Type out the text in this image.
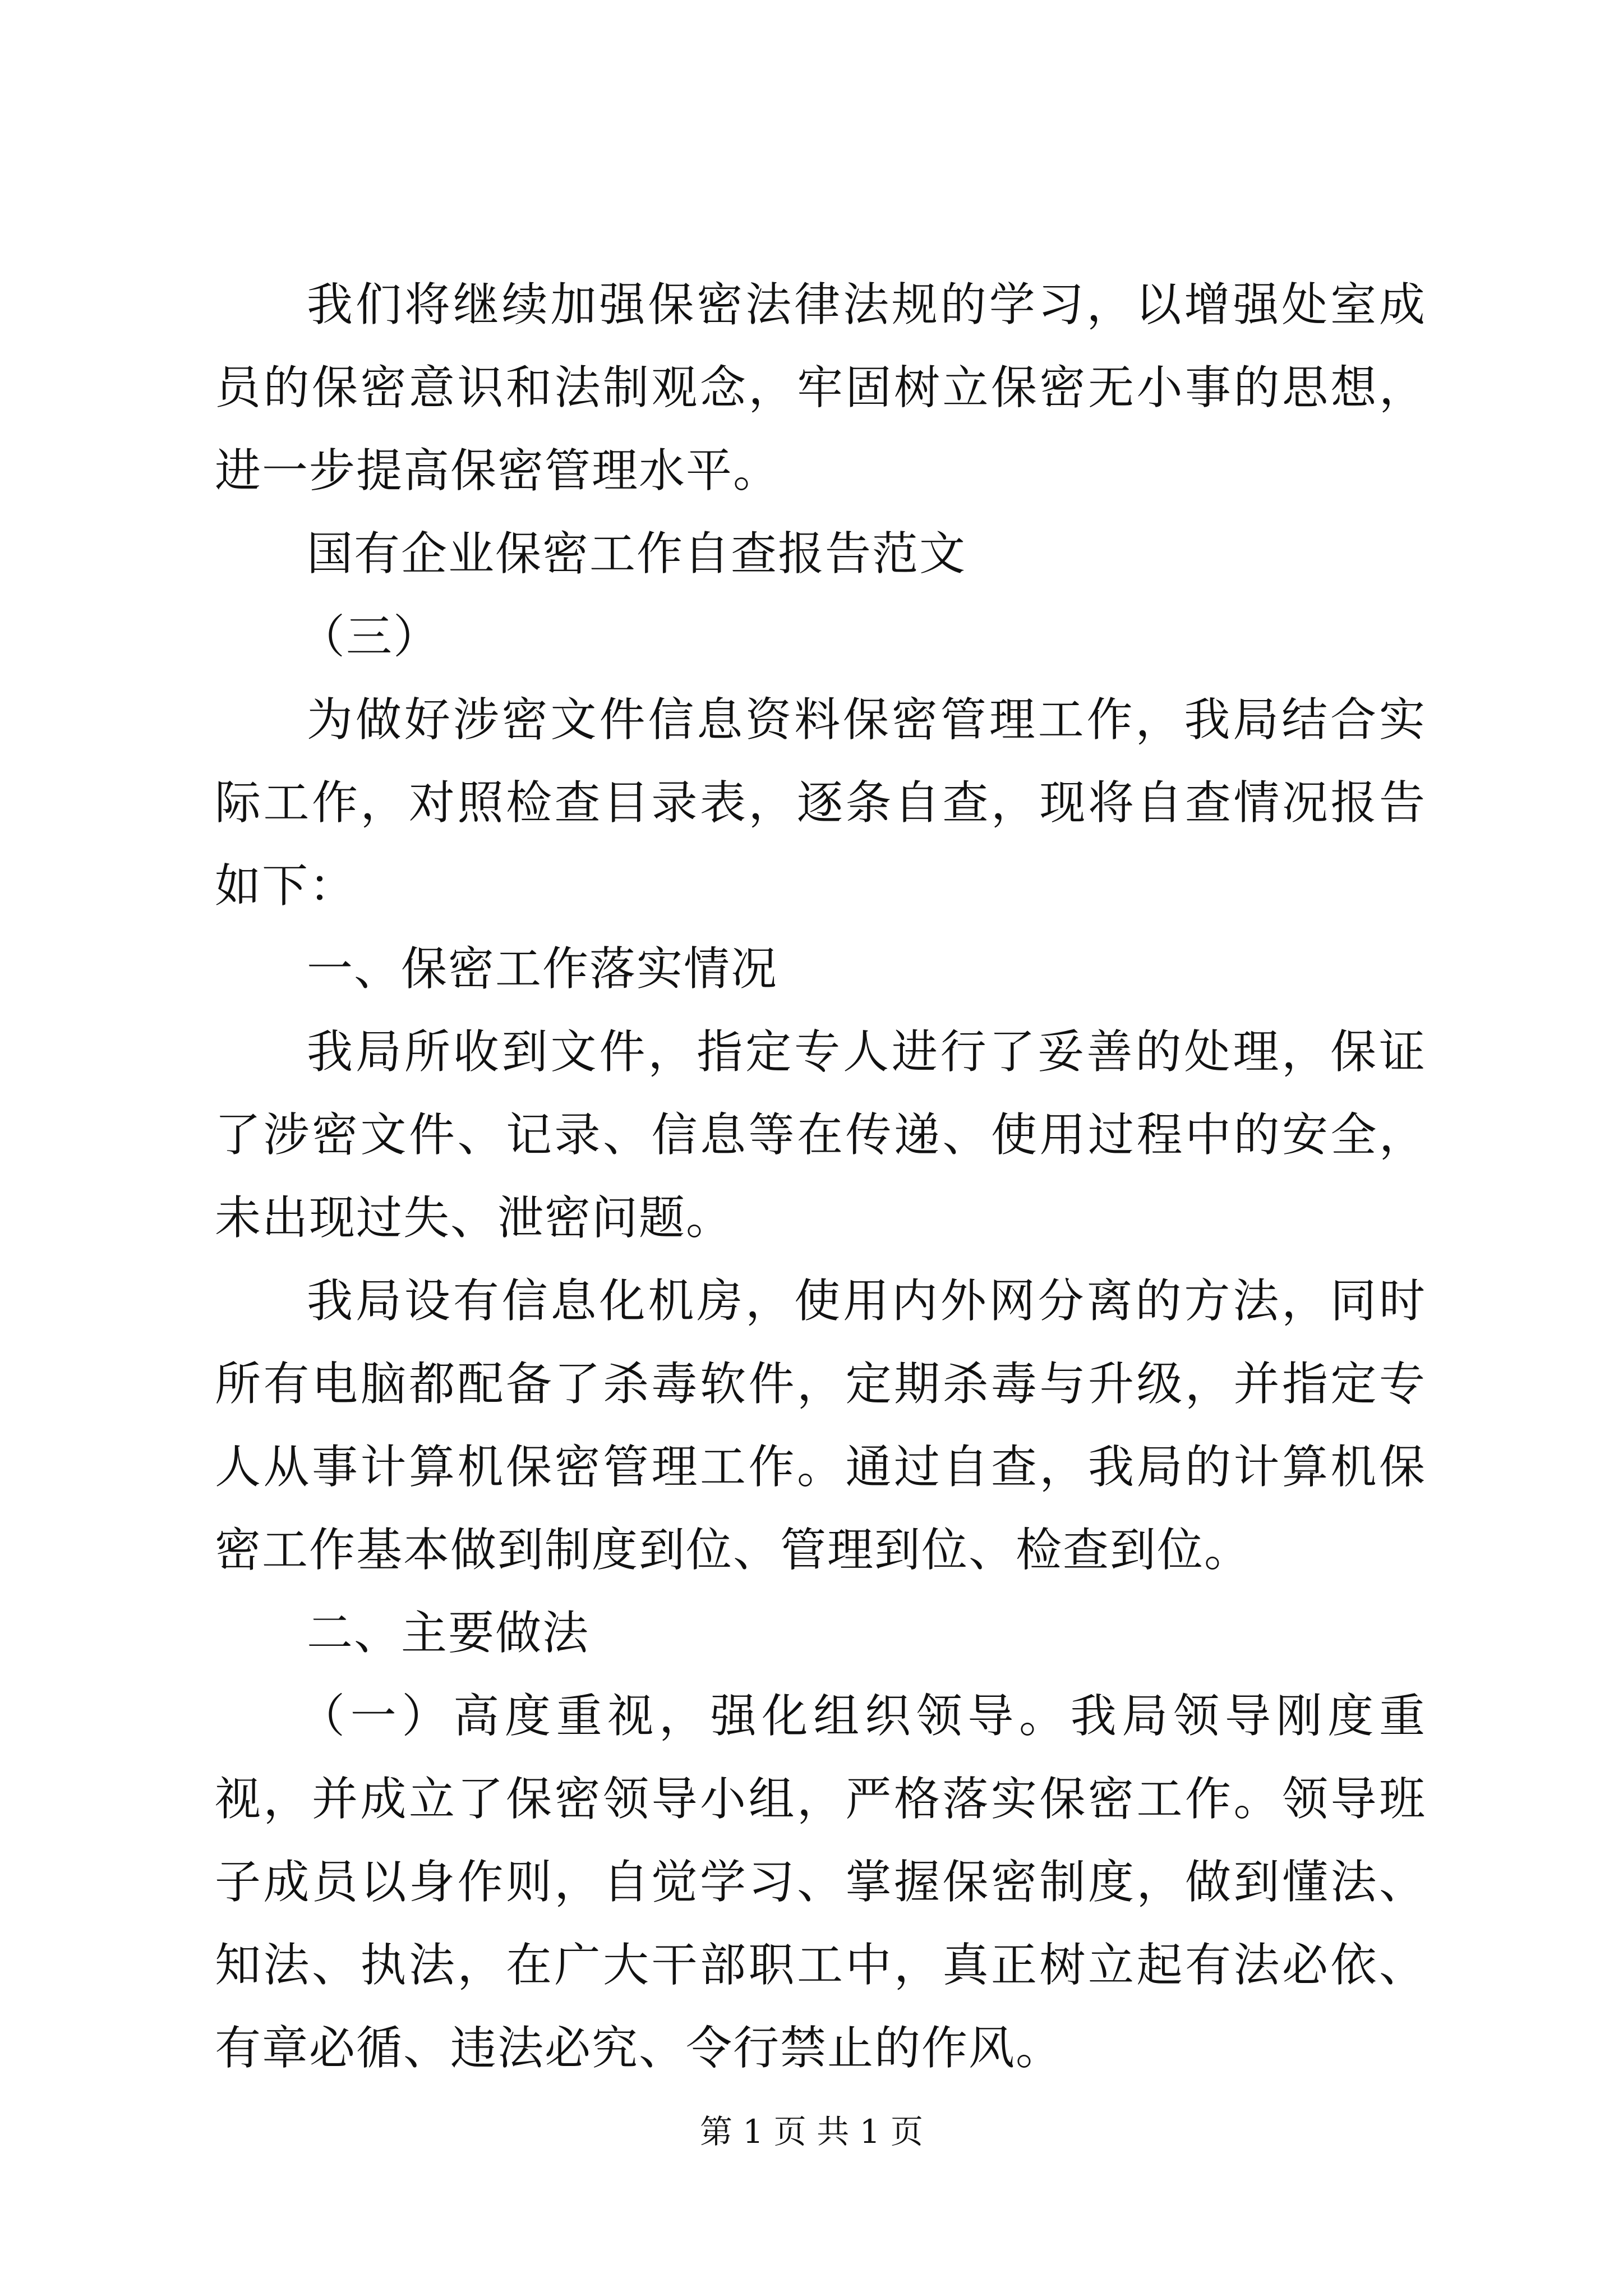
我们将继续加强保密法律法规的学习，以增强处室成员的保密意识和法制观念，牢固树立保密无小事的思想，进一步提高保密管理水平。

国有企业保密工作自查报告范文

（三）

为做好涉密文件信息资料保密管理工作，我局结合实际工作，对照检查目录表，逐条自查，现将自查情况报告如下：

一、保密工作落实情况

我局所收到文件，指定专人进行了妥善的处理，保证了涉密文件、记录、信息等在传递、使用过程中的安全，未出现过失、泄密问题。

我局设有信息化机房，使用内外网分离的方法，同时所有电脑都配备了杀毒软件，定期杀毒与升级，并指定专人从事计算机保密管理工作。通过自查，我局的计算机保密工作基本做到制度到位、管理到位、检查到位。

二、主要做法

（一）高度重视，强化组织领导。我局领导刚度重视，并成立了保密领导小组，严格落实保密工作。领导班子成员以身作则，自觉学习、掌握保密制度，做到懂法、知法、执法，在广大干部职工中，真正树立起有法必依、有章必循、违法必究、令行禁止的作风。

第 1 页 共 1 页
